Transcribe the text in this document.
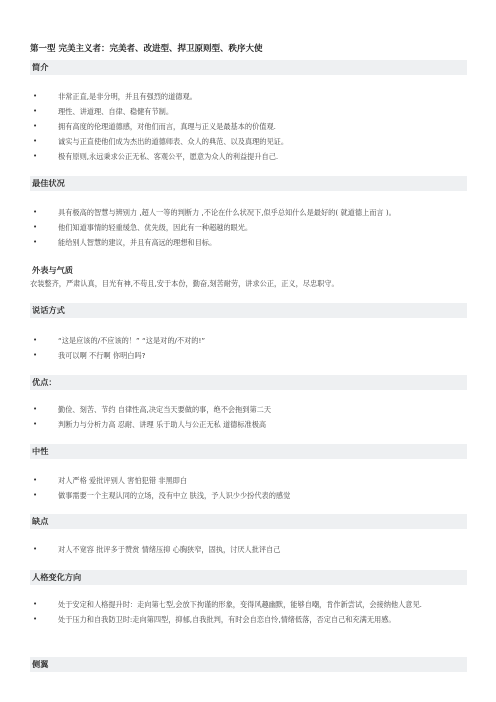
第一型 完美主义者：完美者、改进型、捍卫原则型、秩序大使
简介
•	非常正直,是非分明，并且有强烈的道德观。
•	理性、讲道理、自律、稳健有节制。
•	拥有高度的伦理道德感，对他们而言，真理与正义是最基本的价值观.
•	诚实与正直使他们成为杰出的道德师表、众人的典范、以及真理的见证。
•	极有原则,永远秉求公正无私、客观公平，愿意为众人的利益提升自己.
最佳状况
•	具有极高的智慧与辨别力 ,超人一等的判断力 ,不论在什么状况下,似乎总知什么是最好的( 就道德上而言 )。
•	他们知道事情的轻重缓急、优先级，因此有一种超越的眼光。
•	能给别人智慧的建议，并且有高远的理想和目标。
外表与气质
衣装整齐，严肃认真，目光有神,不苟且,安于本份，勤奋,刻苦耐劳，讲求公正，正义，尽忠职守。
说话方式
•	“这是应该的/不应该的！” “这是对的/不对的!”
•	我可以啊 不行啊 你明白吗?
优点：
•	勤俭、刻苦、节约 自律性高,决定当天要做的事，绝不会拖到第二天
•	判断力与分析力高 忍耐、讲理 乐于助人与公正无私 道德标准极高
中性
•	对人严格 爱批评别人 害怕犯错 非黑即白
•	做事需要一个主观认同的立场，没有中立 肤浅，予人识少少扮代表的感觉
缺点
•	对人不宽容 批评多于赞赏 情绪压抑 心胸狭窄，固执，讨厌人批评自己
人格变化方向
•	处于安定和人格提升时：走向第七型,会放下拘谨的形象，变得风趣幽默，能够自嘲，肯作新尝试，会接纳他人意见.
•	处于压力和自我防卫时:走向第四型，抑郁,自我批判，有时会自恋自怜,情绪低落，否定自己和充满无用感。
侧翼
